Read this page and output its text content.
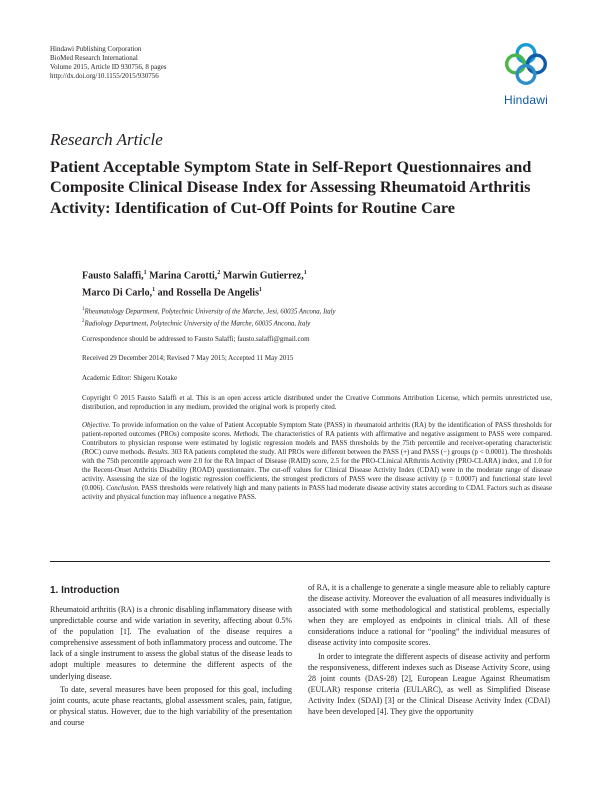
Hindawi Publishing Corporation
BioMed Research International
Volume 2015, Article ID 930756, 8 pages
http://dx.doi.org/10.1155/2015/930756
Hindawi
Research Article
Patient Acceptable Symptom State in Self-Report Questionnaires and Composite Clinical Disease Index for Assessing Rheumatoid Arthritis Activity: Identification of Cut-Off Points for Routine Care
Fausto Salaffi,$^1$ Marina Carotti,$^2$ Marwin Gutierrez,$^1$
Marco Di Carlo,$^1$ and Rossella De Angelis$^1$
$^1$Rheumatology Department, Polytechnic University of the Marche, Jesi, 60035 Ancona, Italy
$^2$Radiology Department, Polytechnic University of the Marche, 60035 Ancona, Italy
Correspondence should be addressed to Fausto Salaffi; fausto.salaffi@gmail.com
Received 29 December 2014; Revised 7 May 2015; Accepted 11 May 2015
Academic Editor: Shigeru Kotake
Copyright © 2015 Fausto Salaffi et al. This is an open access article distributed under the Creative Commons Attribution License, which permits unrestricted use, distribution, and reproduction in any medium, provided the original work is properly cited.
Objective. To provide information on the value of Patient Acceptable Symptom State (PASS) in rheumatoid arthritis (RA) by the identification of PASS thresholds for patient-reported outcomes (PROs) composite scores. Methods. The characteristics of RA patients with affirmative and negative assignment to PASS were compared. Contributors to physician response were estimated by logistic regression models and PASS thresholds by the 75th percentile and receiver-operating characteristic (ROC) curve methods. Results. 303 RA patients completed the study. All PROs were different between the PASS (+) and PASS (−) groups (p < 0.0001). The thresholds with the 75th percentile approach were 2.0 for the RA Impact of Disease (RAID) score, 2.5 for the PRO-CLinical ARthritis Activity (PRO-CLARA) index, and 1.0 for the Recent-Onset Arthritis Disability (ROAD) questionnaire. The cut-off values for Clinical Disease Activity Index (CDAI) were in the moderate range of disease activity. Assessing the size of the logistic regression coefficients, the strongest predictors of PASS were the disease activity (p = 0.0007) and functional state level (0.006). Conclusion. PASS thresholds were relatively high and many patients in PASS had moderate disease activity states according to CDAI. Factors such as disease activity and physical function may influence a negative PASS.
1. Introduction

Rheumatoid arthritis (RA) is a chronic disabling inflammatory disease with unpredictable course and wide variation in severity, affecting about 0.5% of the population [1]. The evaluation of the disease requires a comprehensive assessment of both inflammatory process and outcome. The lack of a single instrument to assess the global status of the disease leads to adopt multiple measures to determine the different aspects of the underlying disease.

To date, several measures have been proposed for this goal, including joint counts, acute phase reactants, global assessment scales, pain, fatigue, or physical status. However, due to the high variability of the presentation and course

of RA, it is a challenge to generate a single measure able to reliably capture the disease activity. Moreover the evaluation of all measures individually is associated with some methodological and statistical problems, especially when they are employed as endpoints in clinical trials. All of these considerations induce a rational for “pooling” the individual measures of disease activity into composite scores.

In order to integrate the different aspects of disease activity and perform the responsiveness, different indexes such as Disease Activity Score, using 28 joint counts (DAS-28) [2], European League Against Rheumatism (EULAR) response criteria (EULARC), as well as Simplified Disease Activity Index (SDAI) [3] or the Clinical Disease Activity Index (CDAI) have been developed [4]. They give the opportunity
